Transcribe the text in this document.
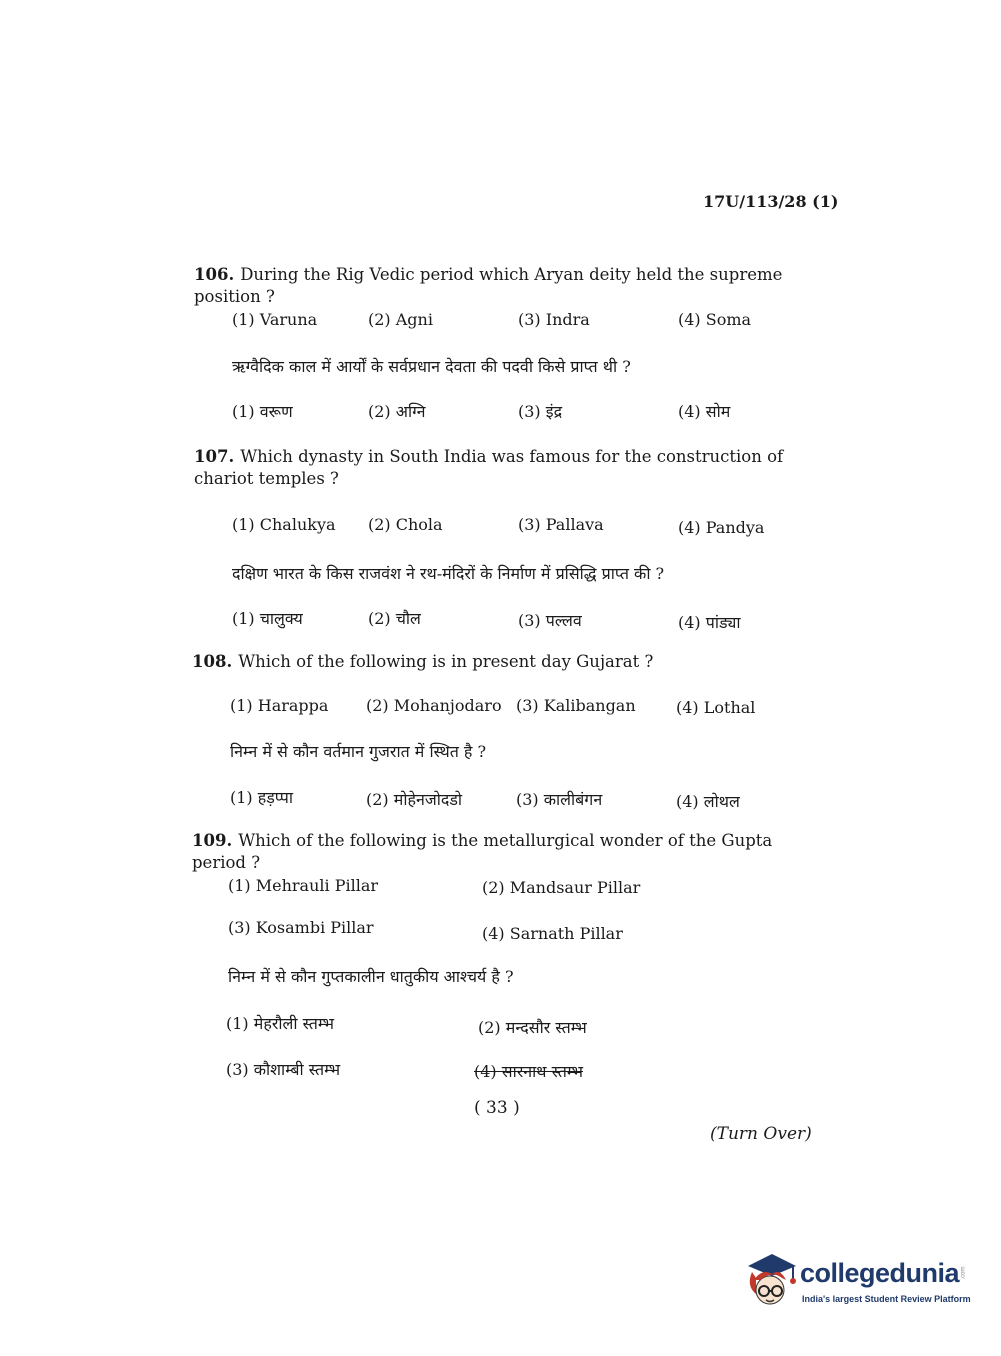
17U/113/28 (1)
106. During the Rig Vedic period which Aryan deity held the supreme position ?
(1) Varuna	(2) Agni	(3) Indra	(4) Soma
ऋग्वैदिक काल में आर्यों के सर्वप्रधान देवता की पदवी किसे प्राप्त थी ?
(1) वरूण	(2) अग्नि	(3) इंद्र	(4) सोम
107. Which dynasty in South India was famous for the construction of chariot temples ?
(1) Chalukya (2) Chola	(3) Pallava	(4) Pandya
दक्षिण भारत के किस राजवंश ने रथ-मंदिरों के निर्माण में प्रसिद्धि प्राप्त की ?
(1) चालुक्य	(2) चौल	(3) पल्लव	(4) पांड्या
108. Which of the following is in present day Gujarat ?
(1) Harappa (2) Mohanjodaro (3) Kalibangan	(4) Lothal
निम्न में से कौन वर्तमान गुजरात में स्थित है ?
(1) हड़प्पा	(2) मोहेनजोदडो	(3) कालीबंगन	(4) लोथल
109. Which of the following is the metallurgical wonder of the Gupta period ?
(1) Mehrauli Pillar	(2) Mandsaur Pillar
(3) Kosambi Pillar	(4) Sarnath Pillar
निम्न में से कौन गुप्तकालीन धातुकीय आश्चर्य है ?
(1) मेहरौली स्तम्भ	(2) मन्दसौर स्तम्भ
(3) कौशाम्बी स्तम्भ	(4) सारनाथ स्तम्भ
( 33 )
(Turn Over)
collegedunia .com
India's largest Student Review Platform
